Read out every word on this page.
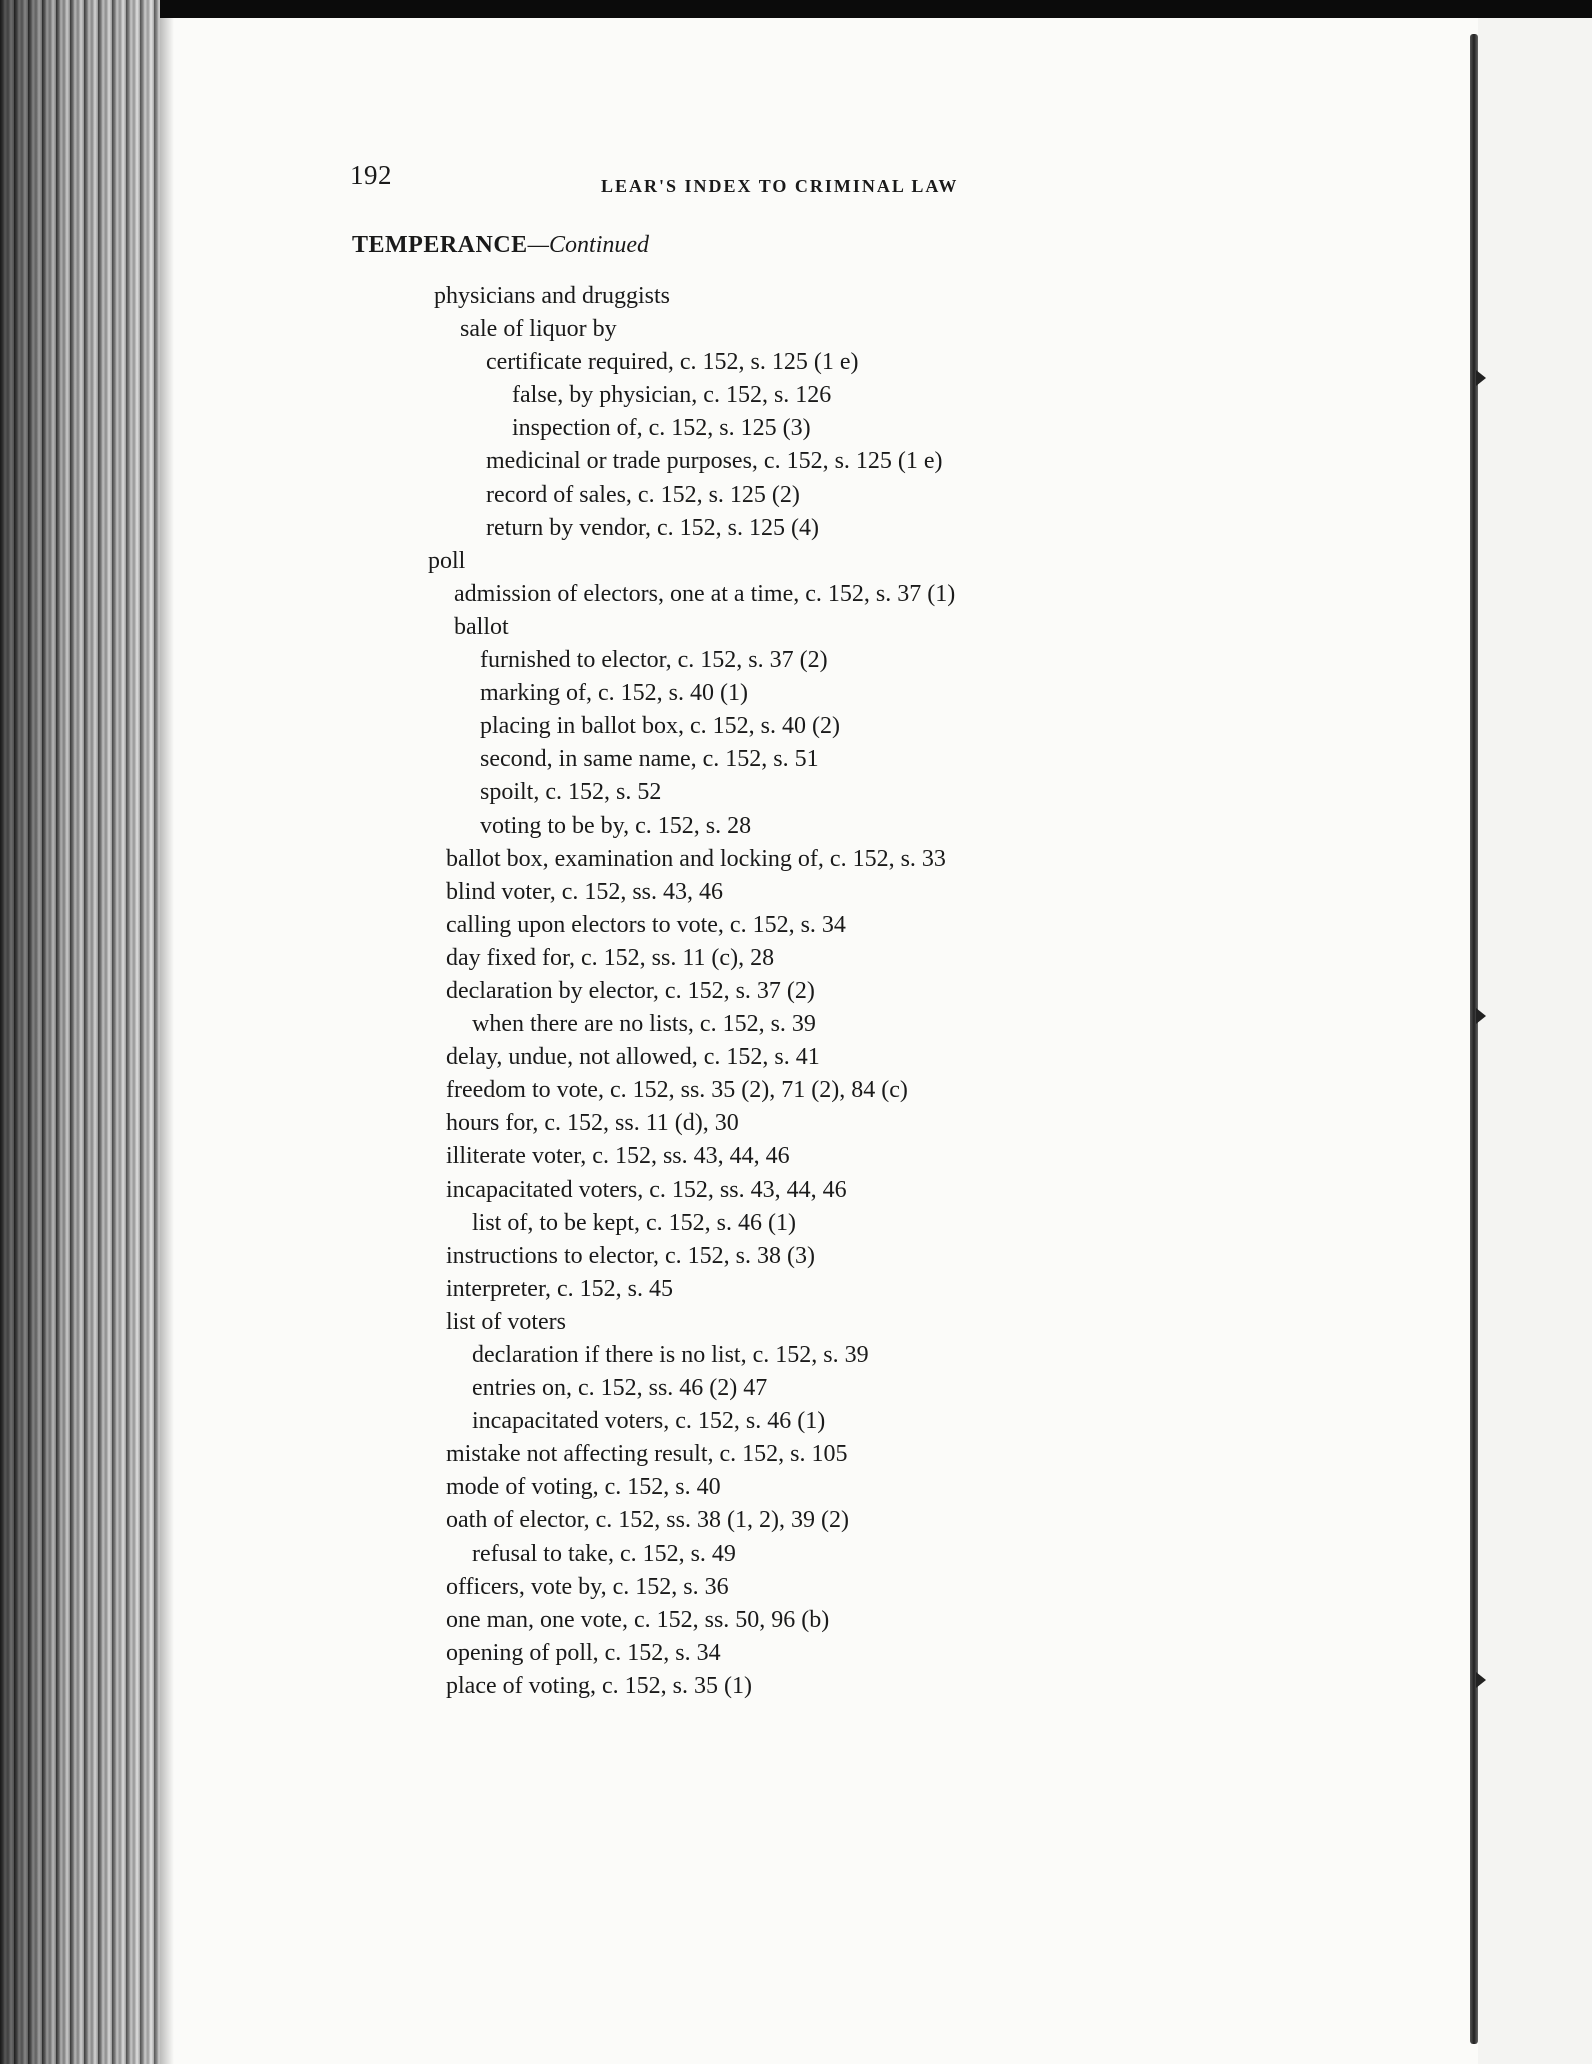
192	LEAR'S INDEX TO CRIMINAL LAW
TEMPERANCE—Continued
physicians and druggists
sale of liquor by
certificate required, c. 152, s. 125 (1 e)
false, by physician, c. 152, s. 126
inspection of, c. 152, s. 125 (3)
medicinal or trade purposes, c. 152, s. 125 (1 e)
record of sales, c. 152, s. 125 (2)
return by vendor, c. 152, s. 125 (4)
poll
admission of electors, one at a time, c. 152, s. 37 (1)
ballot
furnished to elector, c. 152, s. 37 (2)
marking of, c. 152, s. 40 (1)
placing in ballot box, c. 152, s. 40 (2)
second, in same name, c. 152, s. 51
spoilt, c. 152, s. 52
voting to be by, c. 152, s. 28
ballot box, examination and locking of, c. 152, s. 33
blind voter, c. 152, ss. 43, 46
calling upon electors to vote, c. 152, s. 34
day fixed for, c. 152, ss. 11 (c), 28
declaration by elector, c. 152, s. 37 (2)
when there are no lists, c. 152, s. 39
delay, undue, not allowed, c. 152, s. 41
freedom to vote, c. 152, ss. 35 (2), 71 (2), 84 (c)
hours for, c. 152, ss. 11 (d), 30
illiterate voter, c. 152, ss. 43, 44, 46
incapacitated voters, c. 152, ss. 43, 44, 46
list of, to be kept, c. 152, s. 46 (1)
instructions to elector, c. 152, s. 38 (3)
interpreter, c. 152, s. 45
list of voters
declaration if there is no list, c. 152, s. 39
entries on, c. 152, ss. 46 (2) 47
incapacitated voters, c. 152, s. 46 (1)
mistake not affecting result, c. 152, s. 105
mode of voting, c. 152, s. 40
oath of elector, c. 152, ss. 38 (1, 2), 39 (2)
refusal to take, c. 152, s. 49
officers, vote by, c. 152, s. 36
one man, one vote, c. 152, ss. 50, 96 (b)
opening of poll, c. 152, s. 34
place of voting, c. 152, s. 35 (1)
